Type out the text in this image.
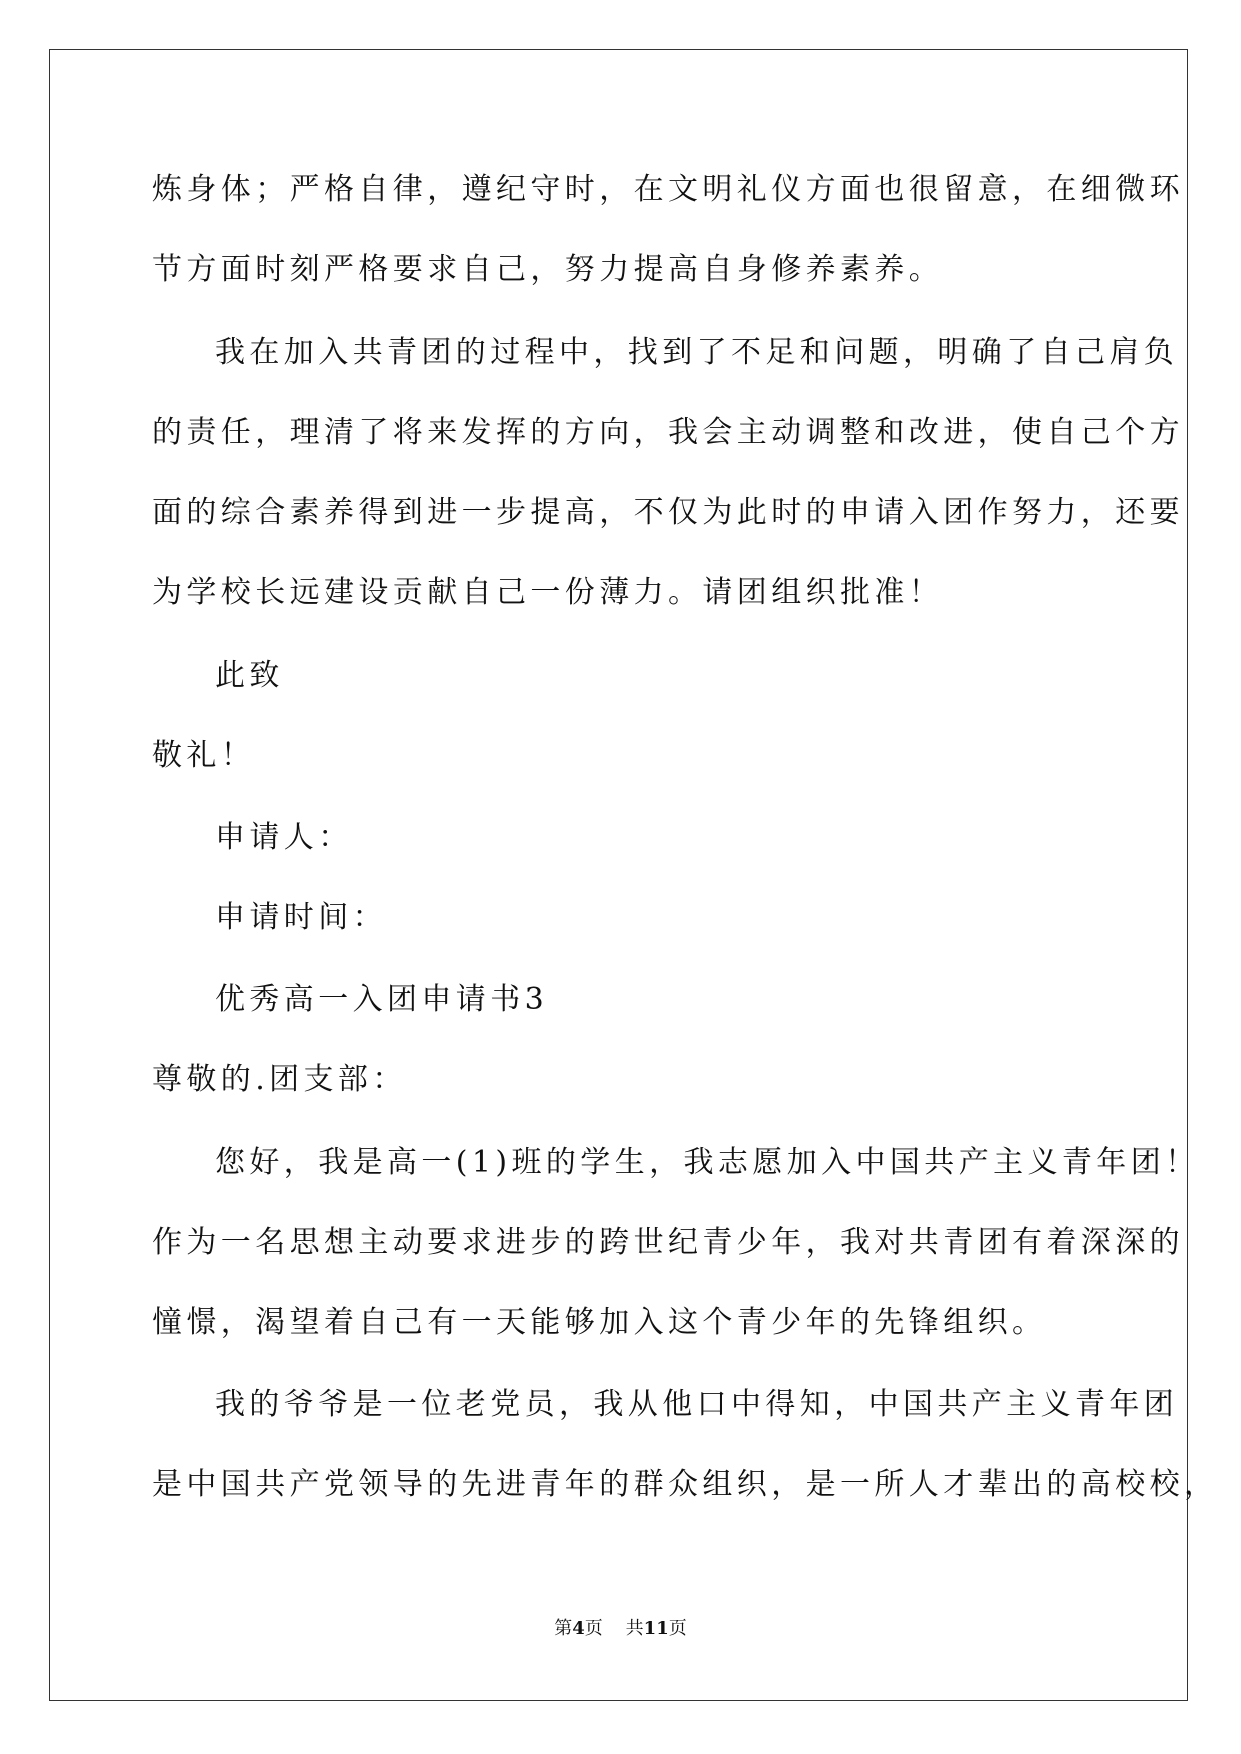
炼身体；严格自律，遵纪守时，在文明礼仪方面也很留意，在细微环
节方面时刻严格要求自己，努力提高自身修养素养。
我在加入共青团的过程中，找到了不足和问题，明确了自己肩负
的责任，理清了将来发挥的方向，我会主动调整和改进，使自己个方
面的综合素养得到进一步提高，不仅为此时的申请入团作努力，还要
为学校长远建设贡献自己一份薄力。请团组织批准！
此致
敬礼！
申请人：
申请时间：
优秀高一入团申请书3
尊敬的.团支部：
您好，我是高一(1)班的学生，我志愿加入中国共产主义青年团！
作为一名思想主动要求进步的跨世纪青少年，我对共青团有着深深的
憧憬，渴望着自己有一天能够加入这个青少年的先锋组织。
我的爷爷是一位老党员，我从他口中得知，中国共产主义青年团
是中国共产党领导的先进青年的群众组织，是一所人才辈出的高校校，
第4页 共11页
